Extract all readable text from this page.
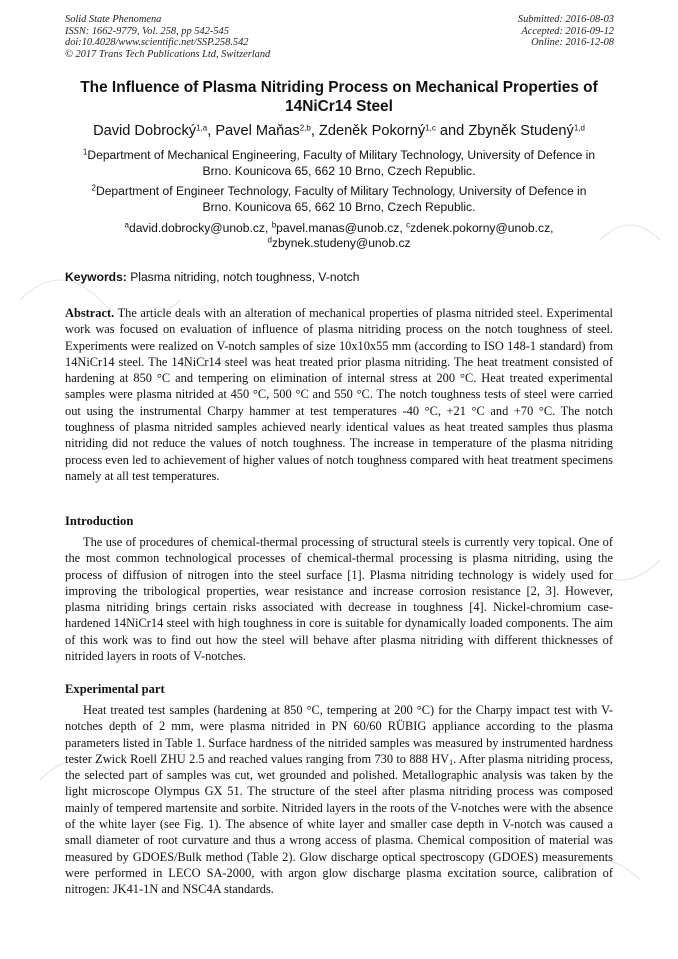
Solid State Phenomena
ISSN: 1662-9779, Vol. 258, pp 542-545
doi:10.4028/www.scientific.net/SSP.258.542
© 2017 Trans Tech Publications Ltd, Switzerland
Submitted: 2016-08-03
Accepted: 2016-09-12
Online: 2016-12-08
The Influence of Plasma Nitriding Process on Mechanical Properties of
14NiCr14 Steel
David Dobrocký$^{1,a}$, Pavel Maňas$^{2,b}$, Zdeněk Pokorný$^{1,c}$ and Zbyněk Studený$^{1,d}$
$^1$Department of Mechanical Engineering, Faculty of Military Technology, University of Defence in
Brno. Kounicova 65, 662 10 Brno, Czech Republic.
$^2$Department of Engineer Technology, Faculty of Military Technology, University of Defence in
Brno. Kounicova 65, 662 10 Brno, Czech Republic.
$^a$david.dobrocky@unob.cz, $^b$pavel.manas@unob.cz, $^c$zdenek.pokorny@unob.cz,
$^d$zbynek.studeny@unob.cz
Keywords: Plasma nitriding, notch toughness, V-notch
Abstract. The article deals with an alteration of mechanical properties of plasma nitrided steel. Experimental work was focused on evaluation of influence of plasma nitriding process on the notch toughness of steel. Experiments were realized on V-notch samples of size 10x10x55 mm (according to ISO 148-1 standard) from 14NiCr14 steel. The 14NiCr14 steel was heat treated prior plasma nitriding. The heat treatment consisted of hardening at 850 °C and tempering on elimination of internal stress at 200 °C. Heat treated experimental samples were plasma nitrided at 450 °C, 500 °C and 550 °C. The notch toughness tests of steel were carried out using the instrumental Charpy hammer at test temperatures -40 °C, +21 °C and +70 °C. The notch toughness of plasma nitrided samples achieved nearly identical values as heat treated samples thus plasma nitriding did not reduce the values of notch toughness. The increase in temperature of the plasma nitriding process even led to achievement of higher values of notch toughness compared with heat treatment specimens namely at all test temperatures.
Introduction
The use of procedures of chemical-thermal processing of structural steels is currently very topical. One of the most common technological processes of chemical-thermal processing is plasma nitriding, using the process of diffusion of nitrogen into the steel surface [1]. Plasma nitriding technology is widely used for improving the tribological properties, wear resistance and increase corrosion resistance [2, 3]. However, plasma nitriding brings certain risks associated with decrease in toughness [4]. Nickel-chromium case-hardened 14NiCr14 steel with high toughness in core is suitable for dynamically loaded components. The aim of this work was to find out how the steel will behave after plasma nitriding with different thicknesses of nitrided layers in roots of V-notches.
Experimental part
Heat treated test samples (hardening at 850 °C, tempering at 200 °C) for the Charpy impact test with V-notches depth of 2 mm, were plasma nitrided in PN 60/60 RÜBIG appliance according to the plasma parameters listed in Table 1. Surface hardness of the nitrided samples was measured by instrumented hardness tester Zwick Roell ZHU 2.5 and reached values ranging from 730 to 888 $HV_1$. After plasma nitriding process, the selected part of samples was cut, wet grounded and polished. Metallographic analysis was taken by the light microscope Olympus GX 51. The structure of the steel after plasma nitriding process was composed mainly of tempered martensite and sorbite. Nitrided layers in the roots of the V-notches were with the absence of the white layer (see Fig. 1). The absence of white layer and smaller case depth in V-notch was caused a small diameter of root curvature and thus a wrong access of plasma. Chemical composition of material was measured by GDOES/Bulk method (Table 2). Glow discharge optical spectroscopy (GDOES) measurements were performed in LECO SA-2000, with argon glow discharge plasma excitation source, calibration of nitrogen: JK41-1N and NSC4A standards.
